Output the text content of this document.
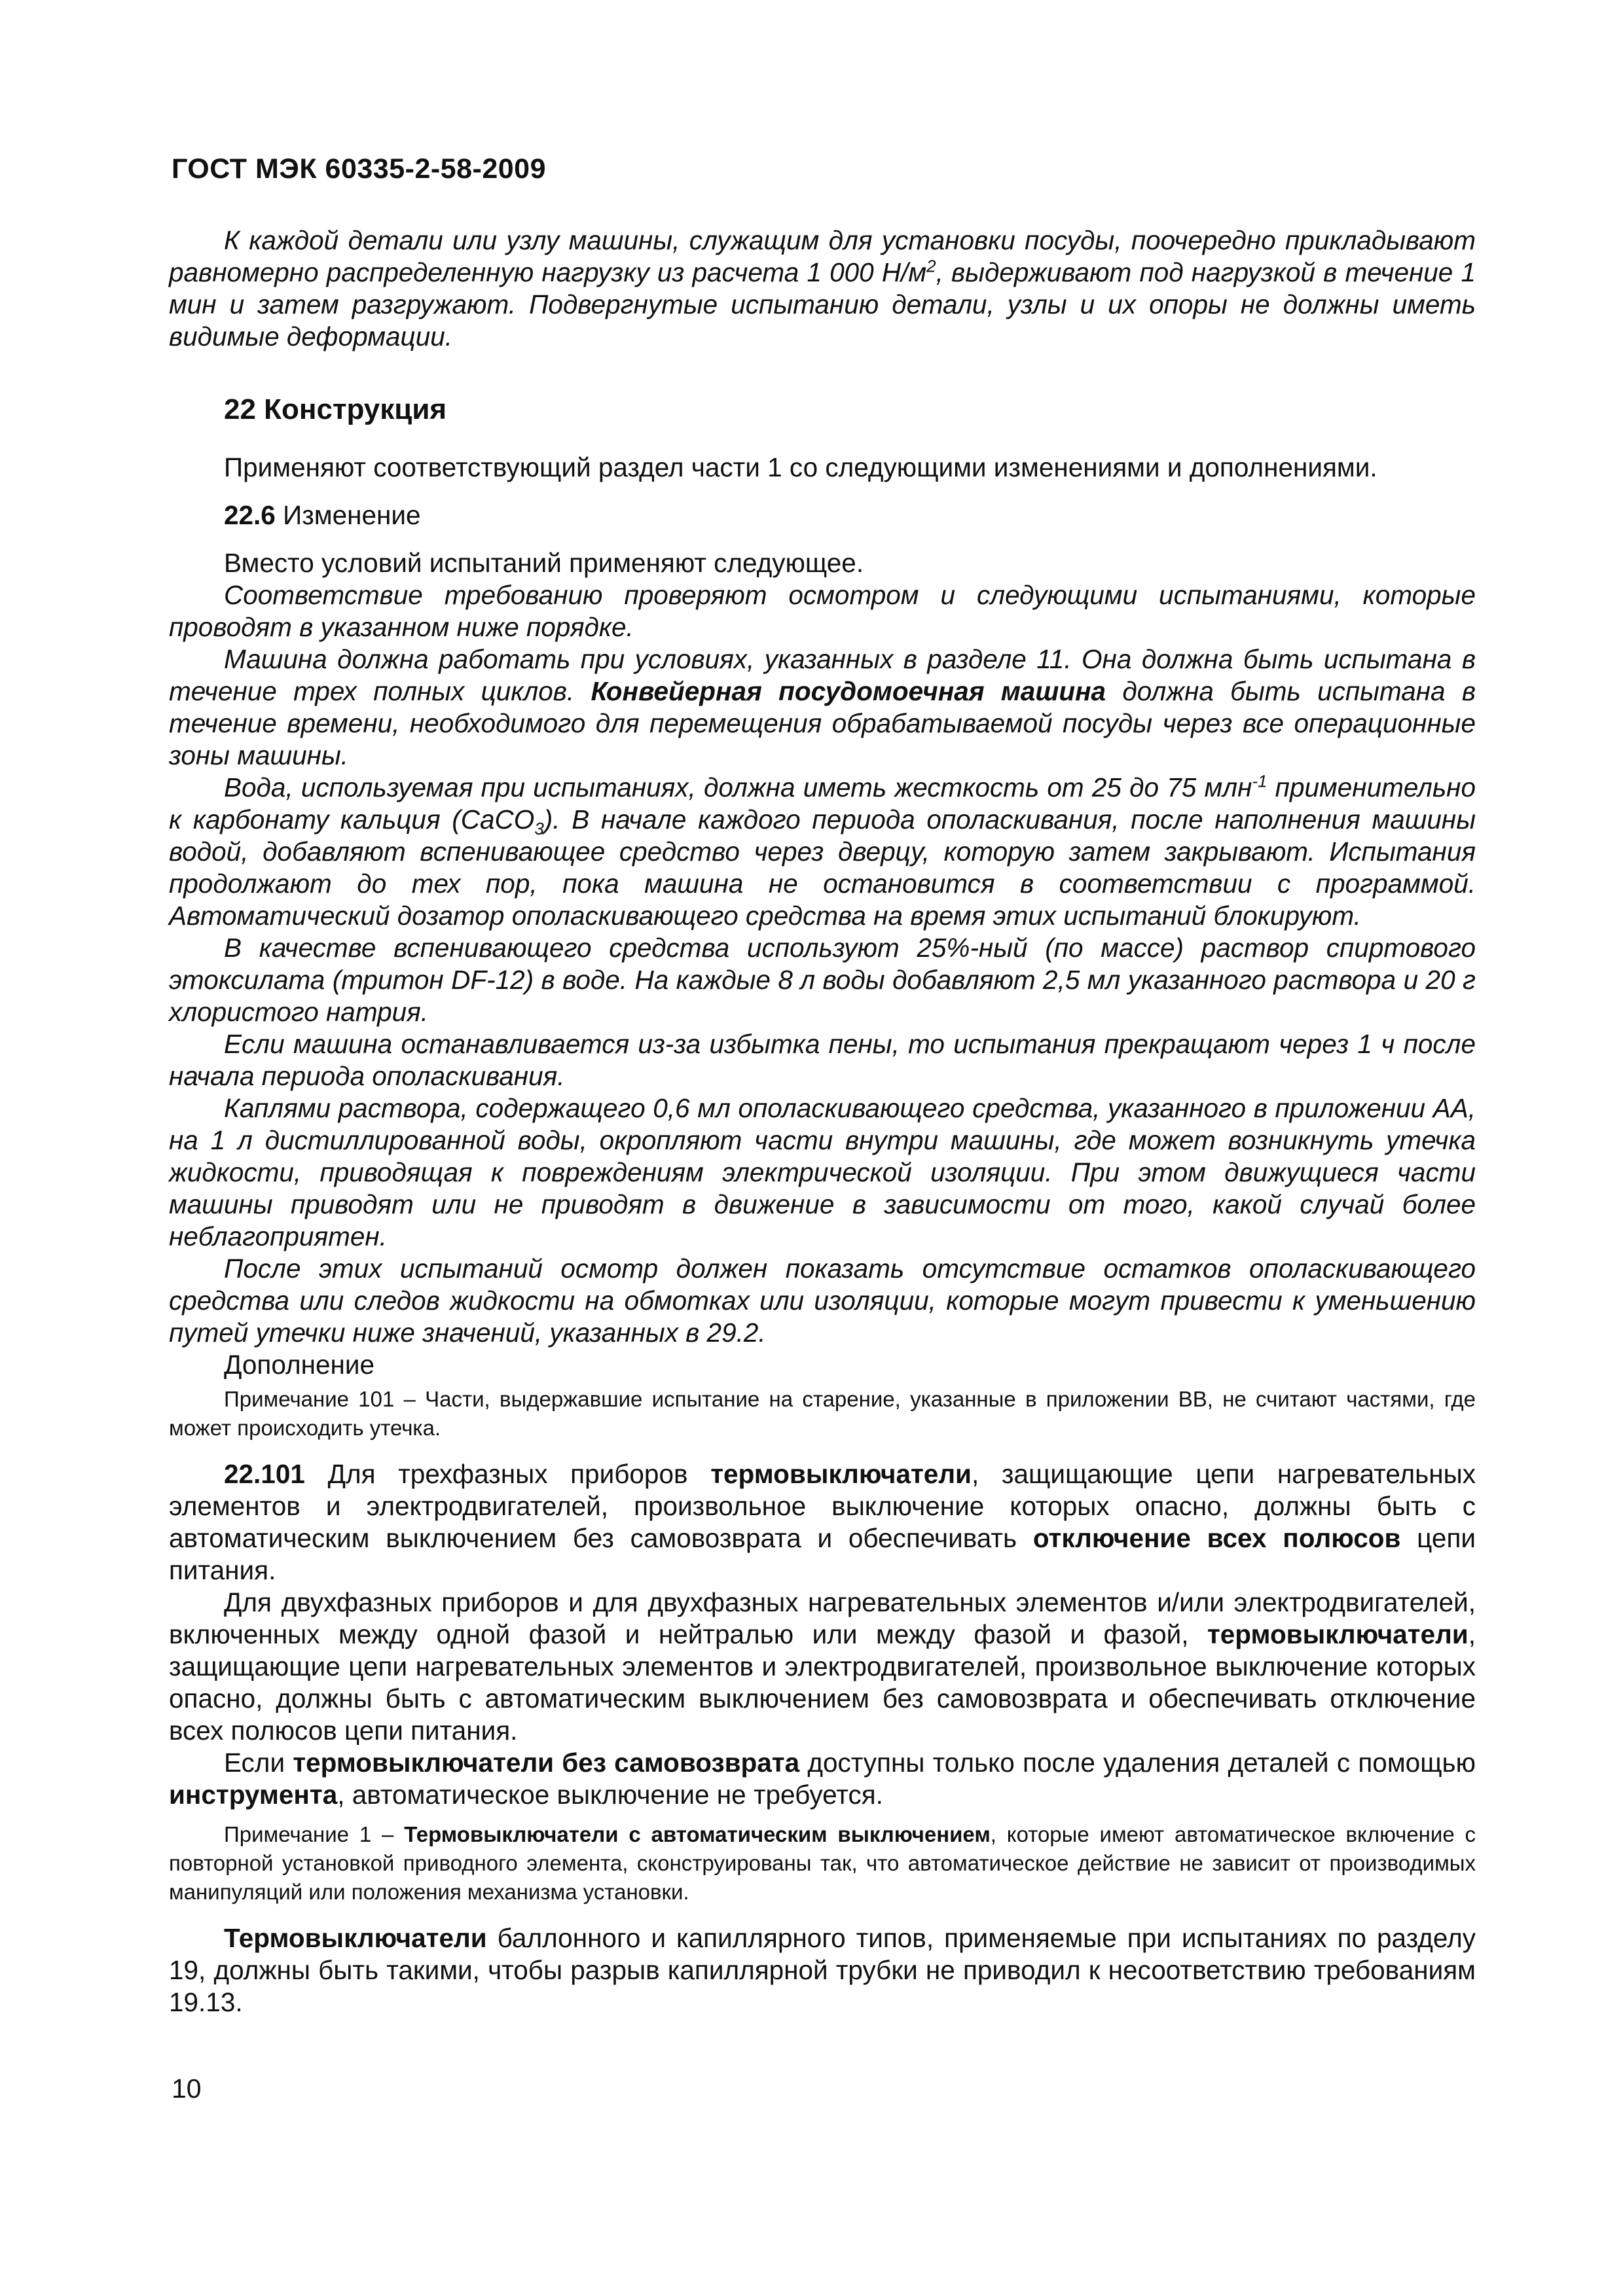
ГОСТ МЭК 60335-2-58-2009

К каждой детали или узлу машины, служащим для установки посуды, поочередно прикладывают равномерно распределенную нагрузку из расчета 1 000 $Н/м^2$, выдерживают под нагрузкой в течение 1 мин и затем разгружают. Подвергнутые испытанию детали, узлы и их опоры не должны иметь видимые деформации.

22 Конструкция

Применяют соответствующий раздел части 1 со следующими изменениями и дополнениями.

22.6 Изменение

Вместо условий испытаний применяют следующее.

Соответствие требованию проверяют осмотром и следующими испытаниями, которые проводят в указанном ниже порядке.

Машина должна работать при условиях, указанных в разделе 11. Она должна быть испытана в течение трех полных циклов. Конвейерная посудомоечная машина должна быть испытана в течение времени, необходимого для перемещения обрабатываемой посуды через все операционные зоны машины.

Вода, используемая при испытаниях, должна иметь жесткость от 25 до 75 млн$^{-1}$ применительно к карбонату кальция (CaCO$_3$). В начале каждого периода ополаскивания, после наполнения машины водой, добавляют вспенивающее средство через дверцу, которую затем закрывают. Испытания продолжают до тех пор, пока машина не остановится в соответствии с программой. Автоматический дозатор ополаскивающего средства на время этих испытаний блокируют.

В качестве вспенивающего средства используют 25%-ный (по массе) раствор спиртового этоксилата (тритон DF-12) в воде. На каждые 8 л воды добавляют 2,5 мл указанного раствора и 20 г хлористого натрия.

Если машина останавливается из-за избытка пены, то испытания прекращают через 1 ч после начала периода ополаскивания.

Каплями раствора, содержащего 0,6 мл ополаскивающего средства, указанного в приложении АА, на 1 л дистиллированной воды, окропляют части внутри машины, где может возникнуть утечка жидкости, приводящая к повреждениям электрической изоляции. При этом движущиеся части машины приводят или не приводят в движение в зависимости от того, какой случай более неблагоприятен.

После этих испытаний осмотр должен показать отсутствие остатков ополаскивающего средства или следов жидкости на обмотках или изоляции, которые могут привести к уменьшению путей утечки ниже значений, указанных в 29.2.

Дополнение

Примечание 101 – Части, выдержавшие испытание на старение, указанные в приложении ВВ, не считают частями, где может происходить утечка.

22.101 Для трехфазных приборов термовыключатели, защищающие цепи нагревательных элементов и электродвигателей, произвольное выключение которых опасно, должны быть с автоматическим выключением без самовозврата и обеспечивать отключение всех полюсов цепи питания.

Для двухфазных приборов и для двухфазных нагревательных элементов и/или электродвигателей, включенных между одной фазой и нейтралью или между фазой и фазой, термовыключатели, защищающие цепи нагревательных элементов и электродвигателей, произвольное выключение которых опасно, должны быть с автоматическим выключением без самовозврата и обеспечивать отключение всех полюсов цепи питания.

Если термовыключатели без самовозврата доступны только после удаления деталей с помощью инструмента, автоматическое выключение не требуется.

Примечание 1 – Термовыключатели с автоматическим выключением, которые имеют автоматическое включение с повторной установкой приводного элемента, сконструированы так, что автоматическое действие не зависит от производимых манипуляций или положения механизма установки.

Термовыключатели баллонного и капиллярного типов, применяемые при испытаниях по разделу 19, должны быть такими, чтобы разрыв капиллярной трубки не приводил к несоответствию требованиям 19.13.

10
